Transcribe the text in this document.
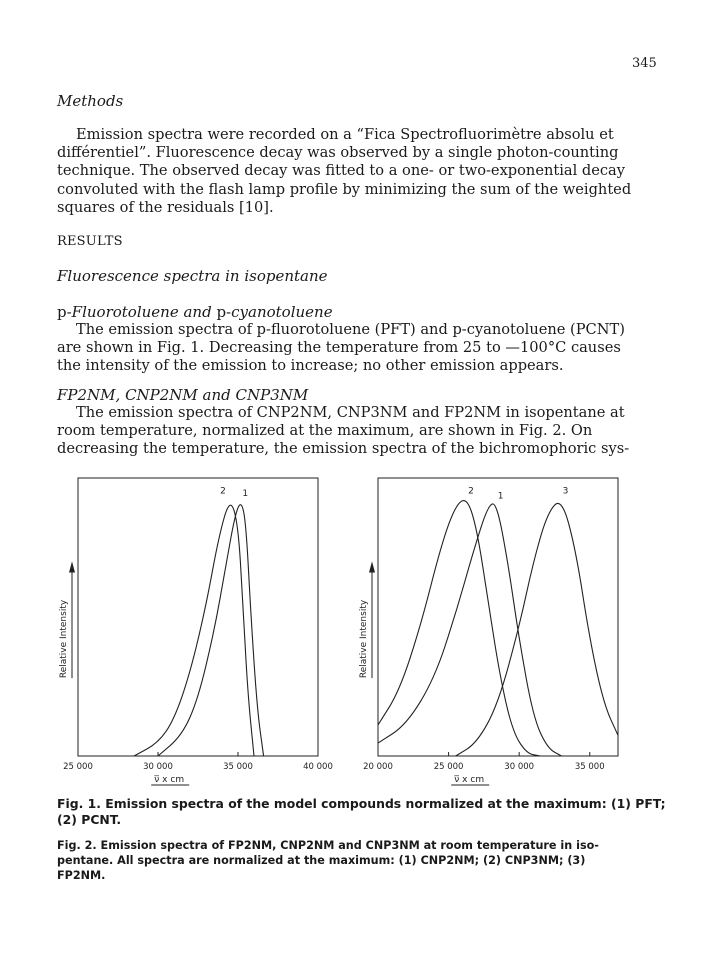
345
Methods
Emission spectra were recorded on a “Fica Spectrofluorimètre absolu et
différentiel”. Fluorescence decay was observed by a single photon-counting
technique. The observed decay was fitted to a one- or two-exponential decay
convoluted with the flash lamp profile by minimizing the sum of the weighted
squares of the residuals [10].
RESULTS
Fluorescence spectra in isopentane
p-Fluorotoluene and p-cyanotoluene
The emission spectra of p-fluorotoluene (PFT) and p-cyanotoluene (PCNT)
are shown in Fig. 1. Decreasing the temperature from 25 to —100°C causes
the intensity of the emission to increase; no other emission appears.
FP2NM, CNP2NM and CNP3NM
The emission spectra of CNP2NM, CNP3NM and FP2NM in isopentane at
room temperature, normalized at the maximum, are shown in Fig. 2. On
decreasing the temperature, the emission spectra of the bichromophoric sys-
Relative Intensity
25 000	30 000	35 000	40 000
ν̅ x cm
1
2
Relative Intensity
20 000	25 000	30 000	35 000
ν̅ x cm
1
2	3
Fig. 1. Emission spectra of the model compounds normalized at the maximum: (1) PFT;
(2) PCNT.
Fig. 2. Emission spectra of FP2NM, CNP2NM and CNP3NM at room temperature in iso-
pentane. All spectra are normalized at the maximum: (1) CNP2NM; (2) CNP3NM; (3)
FP2NM.
